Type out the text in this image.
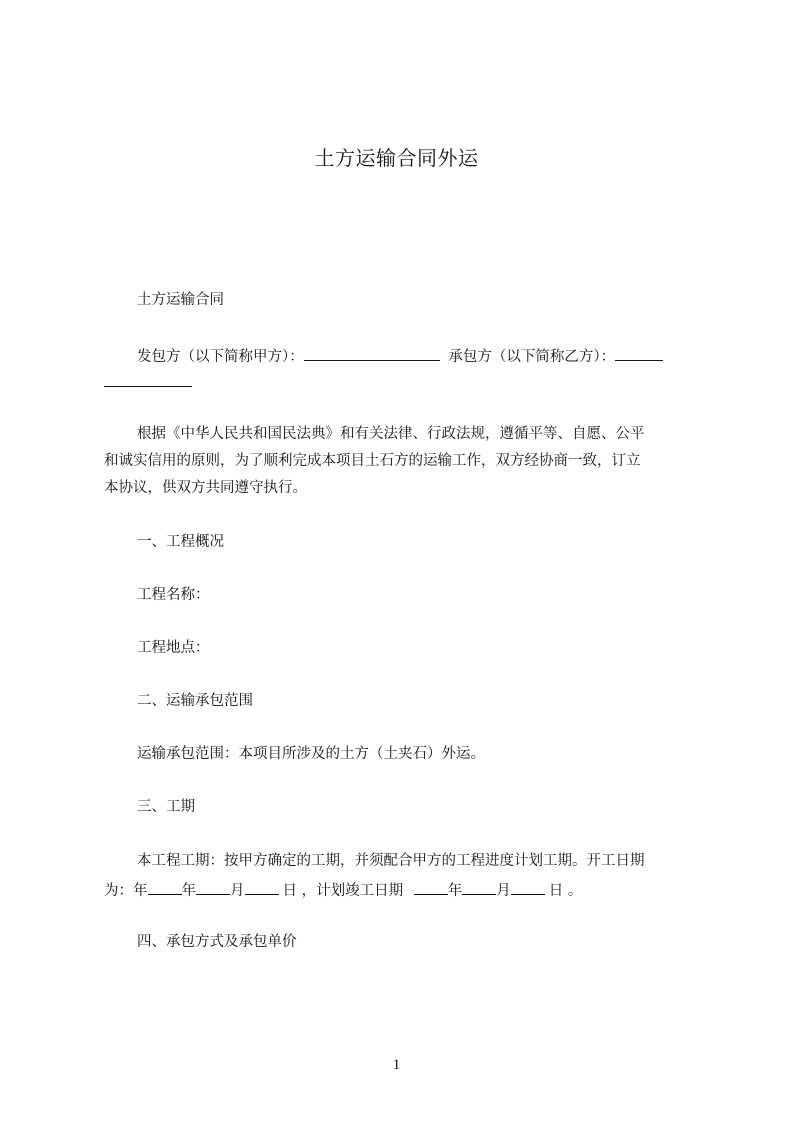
土方运输合同外运
土方运输合同
发包方（以下简称甲方）：	承包方（以下简称乙方）：
根据《中华人民共和国民法典》和有关法律、行政法规，遵循平等、自愿、公平
和诚实信用的原则，为了顺利完成本项目土石方的运输工作，双方经协商一致，订立
本协议，供双方共同遵守执行。
一、工程概况
工程名称：
工程地点：
二、运输承包范围
运输承包范围：本项目所涉及的土方（土夹石）外运。
三、工期
本工程工期：按甲方确定的工期，并须配合甲方的工程进度计划工期。开工日期
为：年 年 月	日 ，计划竣工日期	年 月	日 。
四、承包方式及承包单价
1
